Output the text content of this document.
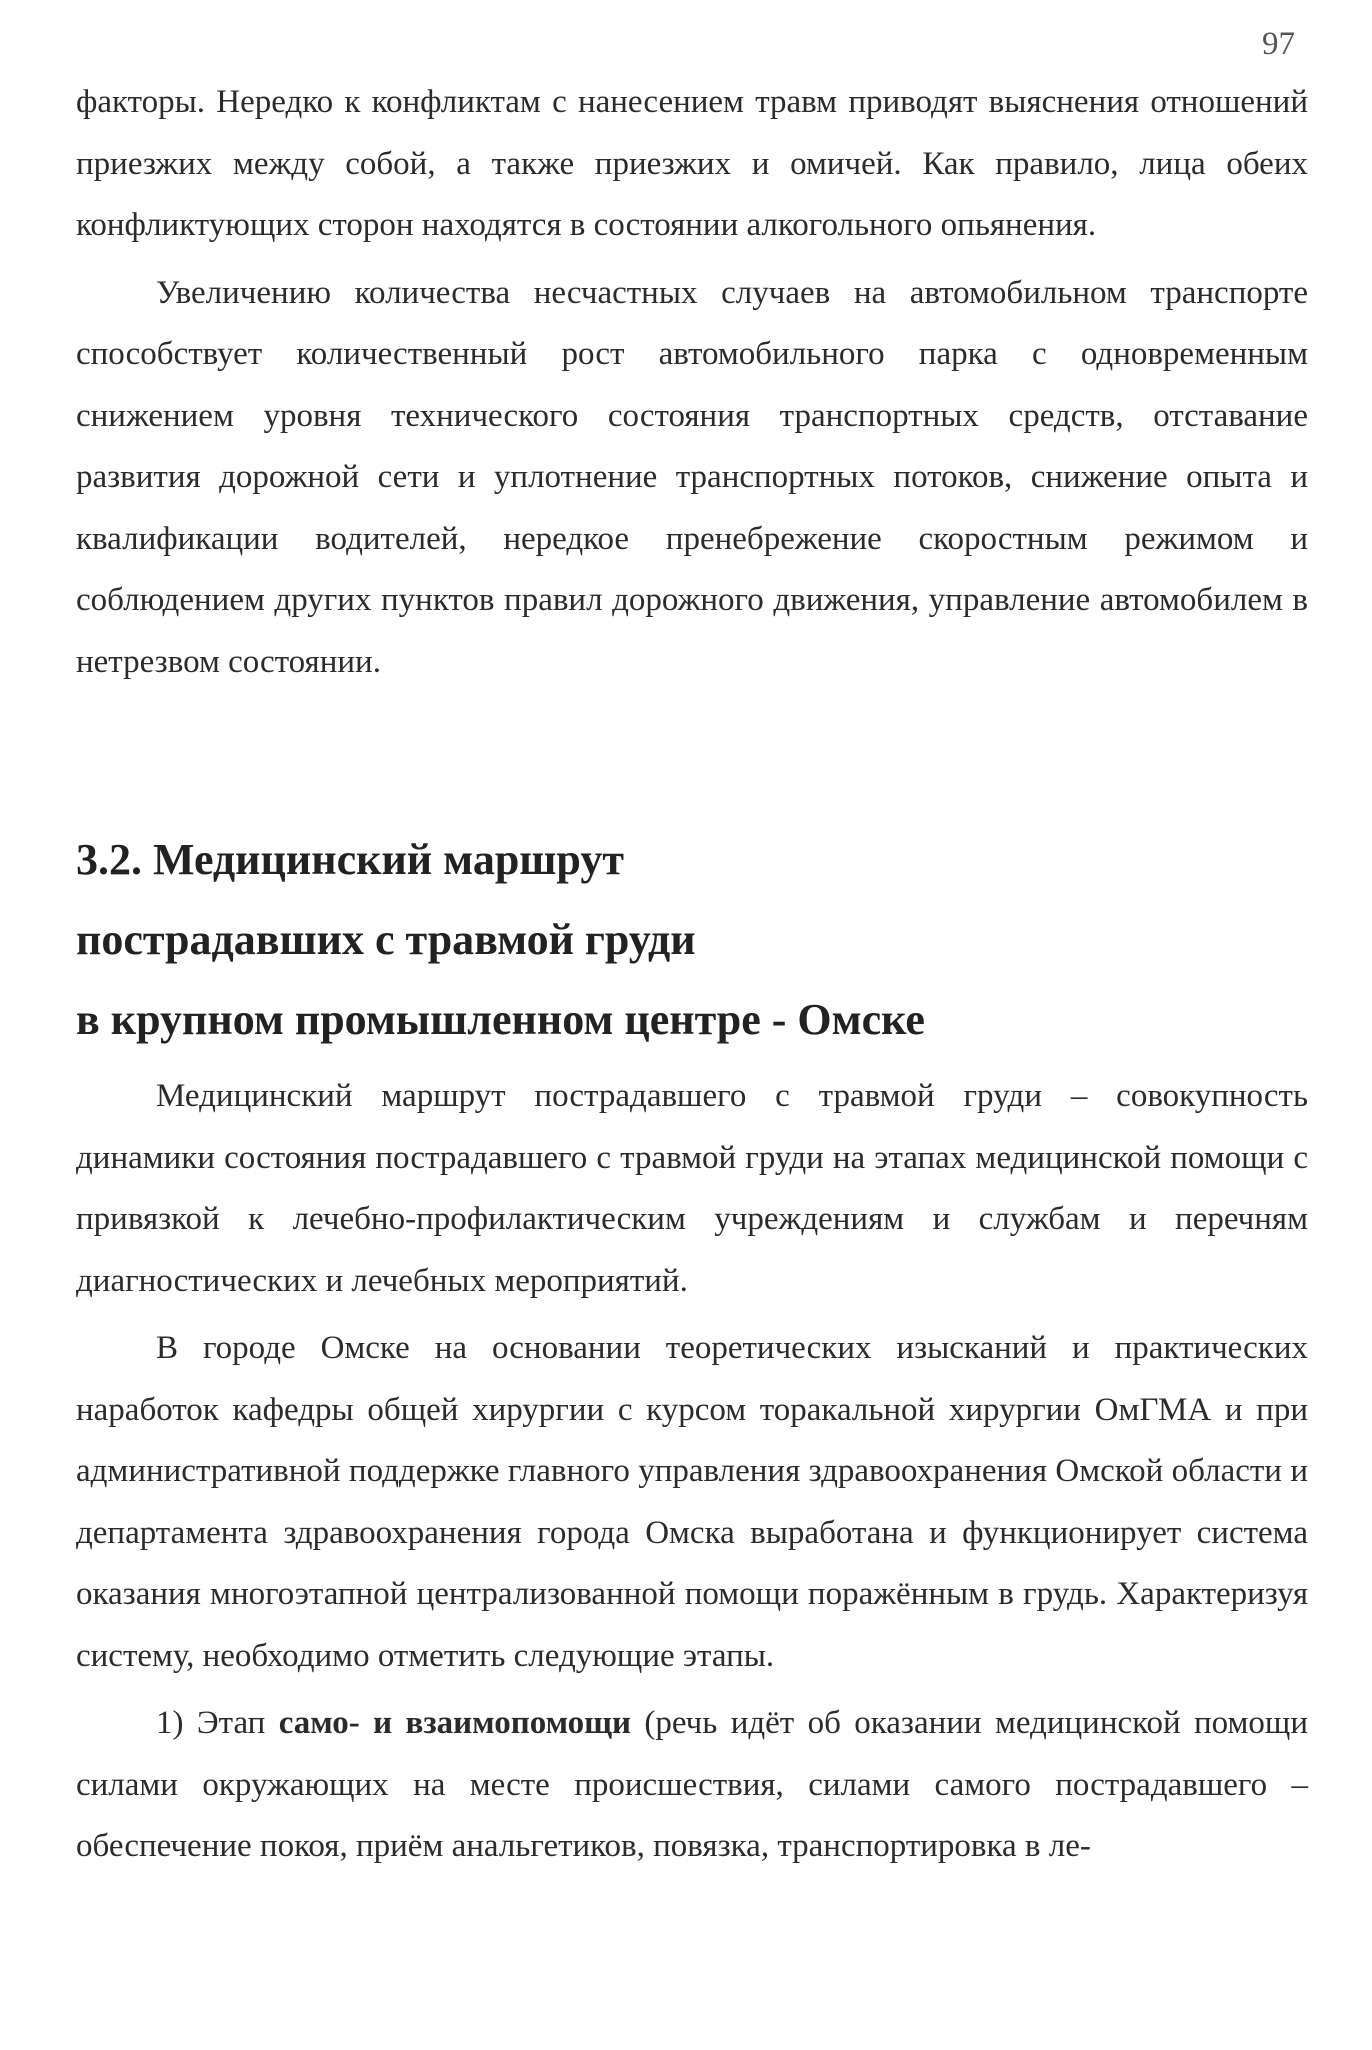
97

факторы. Нередко к конфликтам с нанесением травм приводят выяснения отношений приезжих между собой, а также приезжих и омичей. Как правило, лица обеих конфликтующих сторон находятся в состоянии алкогольного опьянения.

Увеличению количества несчастных случаев на автомобильном транспорте способствует количественный рост автомобильного парка с одновременным снижением уровня технического состояния транспортных средств, отставание развития дорожной сети и уплотнение транспортных потоков, снижение опыта и квалификации водителей, нередкое пренебрежение скоростным режимом и соблюдением других пунктов правил дорожного движения, управление автомобилем в нетрезвом состоянии.

3.2. Медицинский маршрут
пострадавших с травмой груди
в крупном промышленном центре - Омске

Медицинский маршрут пострадавшего с травмой груди – совокупность динамики состояния пострадавшего с травмой груди на этапах медицинской помощи с привязкой к лечебно-профилактическим учреждениям и службам и перечням диагностических и лечебных мероприятий.

В городе Омске на основании теоретических изысканий и практических наработок кафедры общей хирургии с курсом торакальной хирургии ОмГМА и при административной поддержке главного управления здравоохранения Омской области и департамента здравоохранения города Омска выработана и функционирует система оказания многоэтапной централизованной помощи поражённым в грудь. Характеризуя систему, необходимо отметить следующие этапы.

1) Этап само- и взаимопомощи (речь идёт об оказании медицинской помощи силами окружающих на месте происшествия, силами самого пострадавшего – обеспечение покоя, приём анальгетиков, повязка, транспортировка в ле-
